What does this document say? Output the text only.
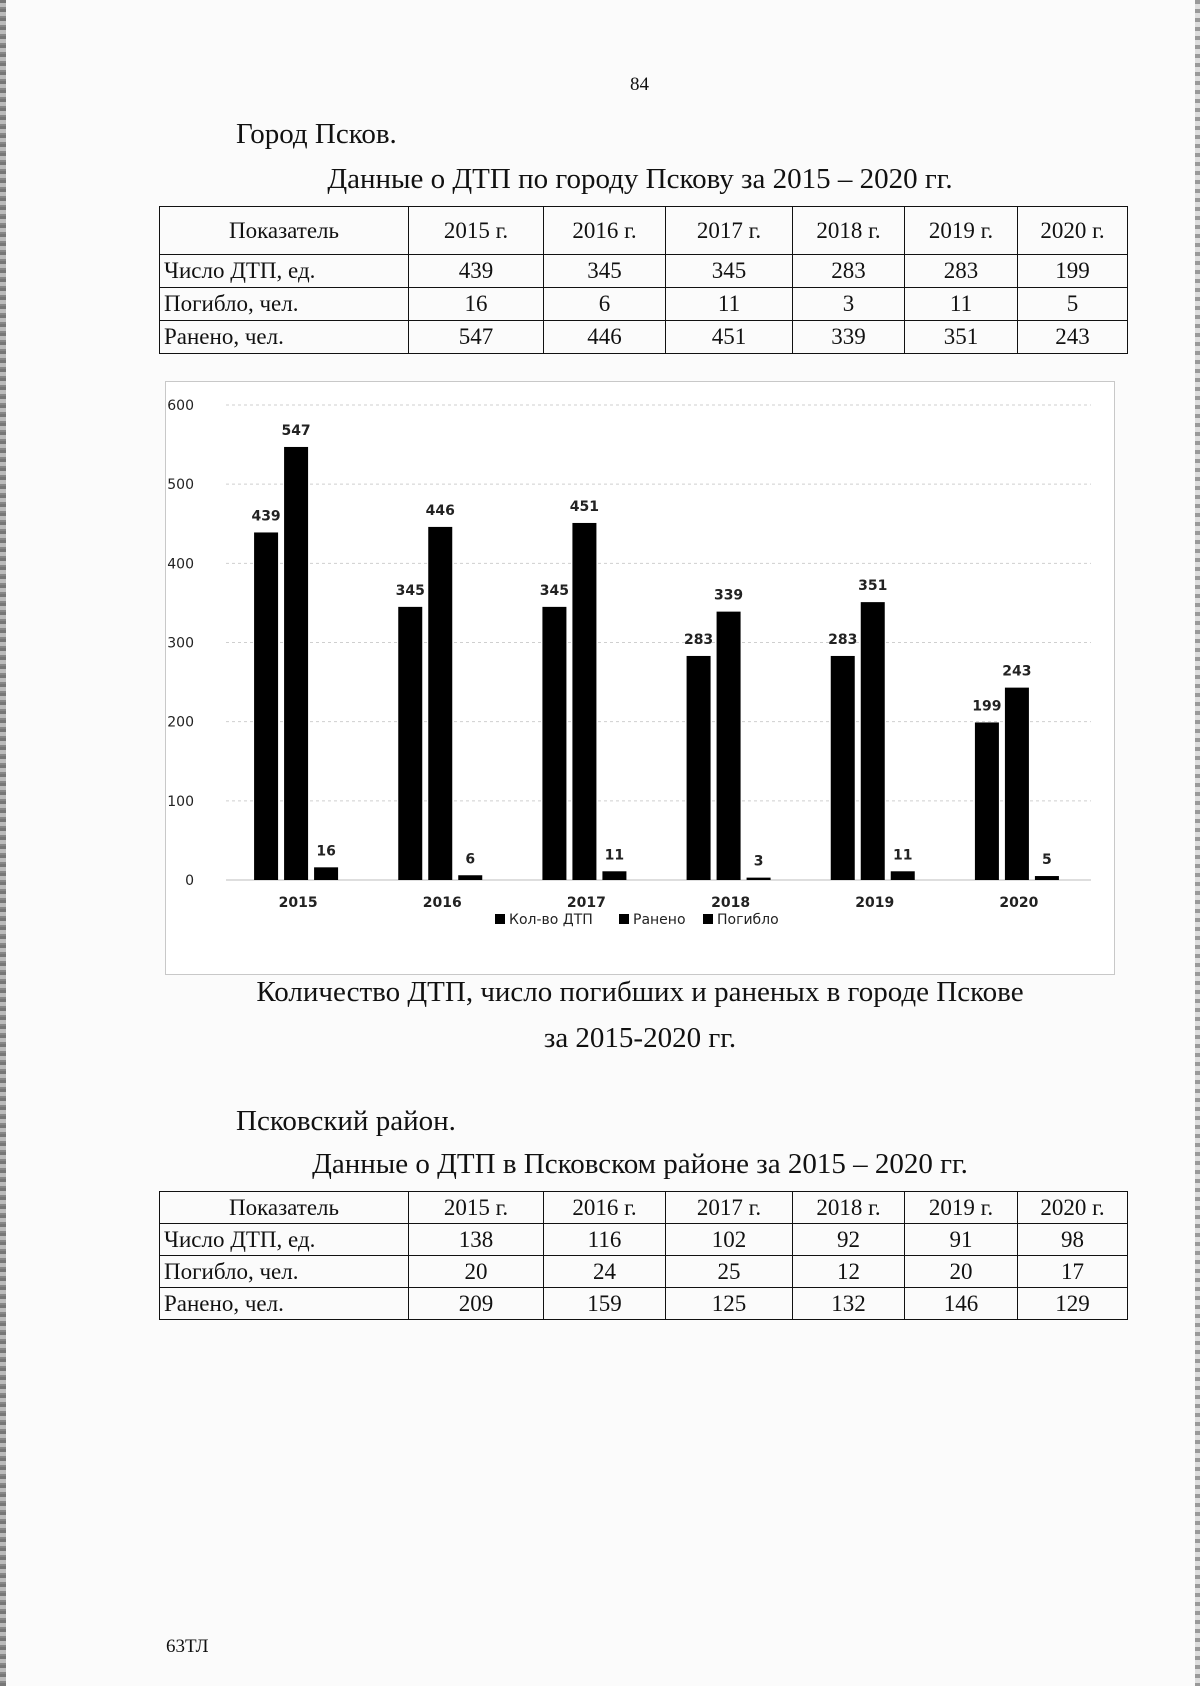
84
Город Псков.
Данные о ДТП по городу Пскову за 2015 – 2020 гг.
Показатель	2015 г.	2016 г.	2017 г.	2018 г.	2019 г.	2020 г.
Число ДТП, ед.	439	345	345	283	283	199
Погибло, чел.	16	6	11	3	11	5
Ранено, чел.	547	446	451	339	351	243
0
100
200
300
400
500
600
2015
439
547
16
2016
345
446
6
2017
345
451
11
2018
283
339
3
2019
283
351
11
2020
199
243
5
Кол-во ДТП	Ранено Погибло
Количество ДТП, число погибших и раненых в городе Пскове
за 2015-2020 гг.
Псковский район.
Данные о ДТП в Псковском районе за 2015 – 2020 гг.
Показатель	2015 г.	2016 г.	2017 г.	2018 г.	2019 г.	2020 г.
Число ДТП, ед.	138	116	102	92	91	98
Погибло, чел.	20	24	25	12	20	17
Ранено, чел.	209	159	125	132	146	129
63ТЛ
